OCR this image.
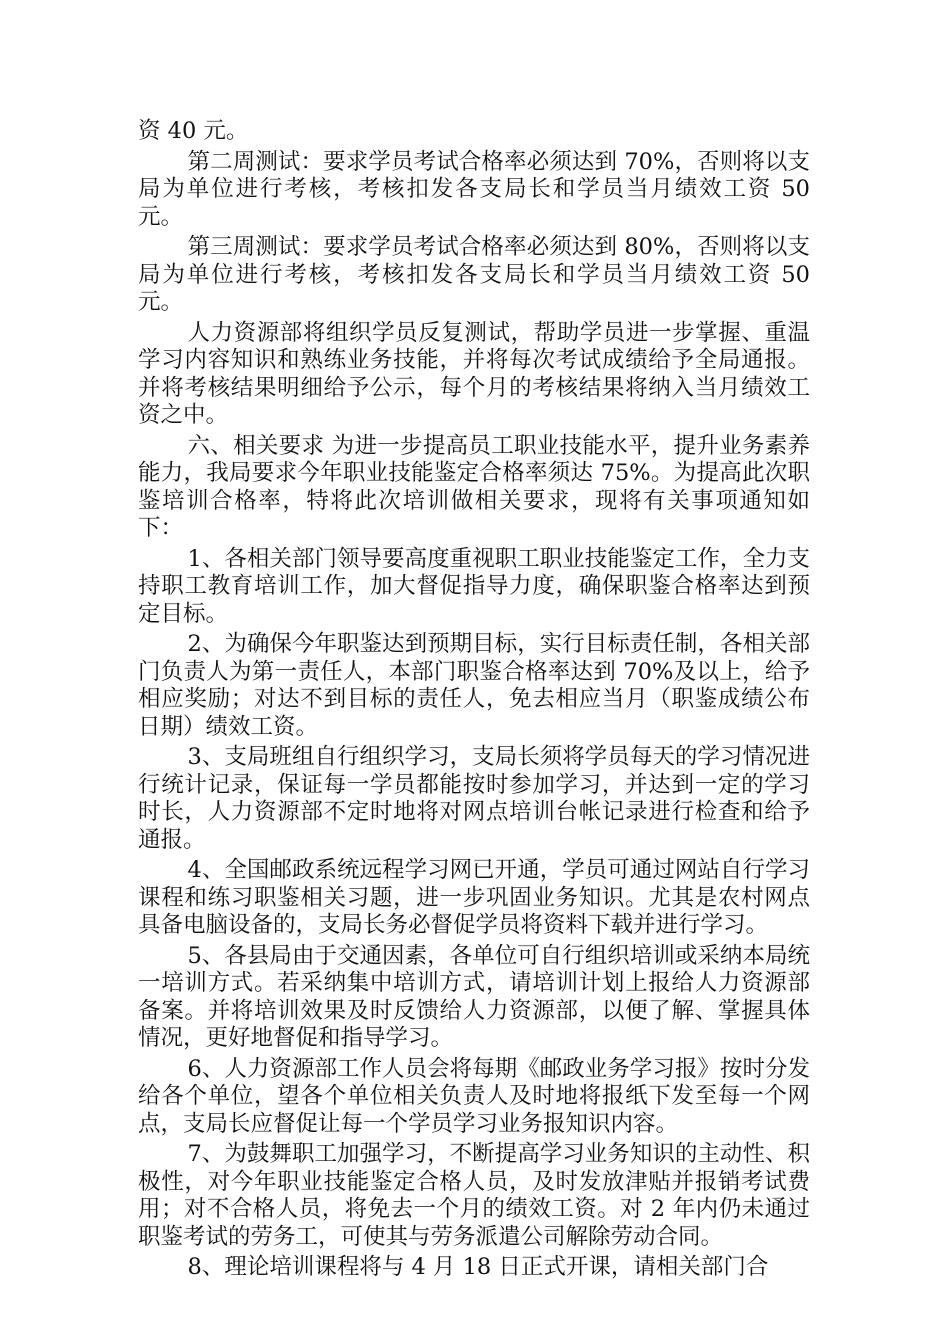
资 40 元。

第二周测试：要求学员考试合格率必须达到 70%，否则将以支局为单位进行考核，考核扣发各支局长和学员当月绩效工资 50 元。

第三周测试：要求学员考试合格率必须达到 80%，否则将以支局为单位进行考核，考核扣发各支局长和学员当月绩效工资 50 元。

人力资源部将组织学员反复测试，帮助学员进一步掌握、重温学习内容知识和熟练业务技能，并将每次考试成绩给予全局通报。并将考核结果明细给予公示，每个月的考核结果将纳入当月绩效工资之中。

六、相关要求 为进一步提高员工职业技能水平，提升业务素养能力，我局要求今年职业技能鉴定合格率须达 75%。为提高此次职鉴培训合格率，特将此次培训做相关要求，现将有关事项通知如下：

1、各相关部门领导要高度重视职工职业技能鉴定工作，全力支持职工教育培训工作，加大督促指导力度，确保职鉴合格率达到预定目标。

2、为确保今年职鉴达到预期目标，实行目标责任制，各相关部门负责人为第一责任人，本部门职鉴合格率达到 70%及以上，给予相应奖励；对达不到目标的责任人，免去相应当月（职鉴成绩公布日期）绩效工资。

3、支局班组自行组织学习，支局长须将学员每天的学习情况进行统计记录，保证每一学员都能按时参加学习，并达到一定的学习时长，人力资源部不定时地将对网点培训台帐记录进行检查和给予通报。

4、全国邮政系统远程学习网已开通，学员可通过网站自行学习课程和练习职鉴相关习题，进一步巩固业务知识。尤其是农村网点具备电脑设备的，支局长务必督促学员将资料下载并进行学习。

5、各县局由于交通因素，各单位可自行组织培训或采纳本局统一培训方式。若采纳集中培训方式，请培训计划上报给人力资源部备案。并将培训效果及时反馈给人力资源部，以便了解、掌握具体情况，更好地督促和指导学习。

6、人力资源部工作人员会将每期《邮政业务学习报》按时分发给各个单位，望各个单位相关负责人及时地将报纸下发至每一个网点，支局长应督促让每一个学员学习业务报知识内容。

7、为鼓舞职工加强学习，不断提高学习业务知识的主动性、积极性，对今年职业技能鉴定合格人员，及时发放津贴并报销考试费用；对不合格人员，将免去一个月的绩效工资。对 2 年内仍未通过职鉴考试的劳务工，可使其与劳务派遣公司解除劳动合同。

8、理论培训课程将与 4 月 18 日正式开课，请相关部门合
